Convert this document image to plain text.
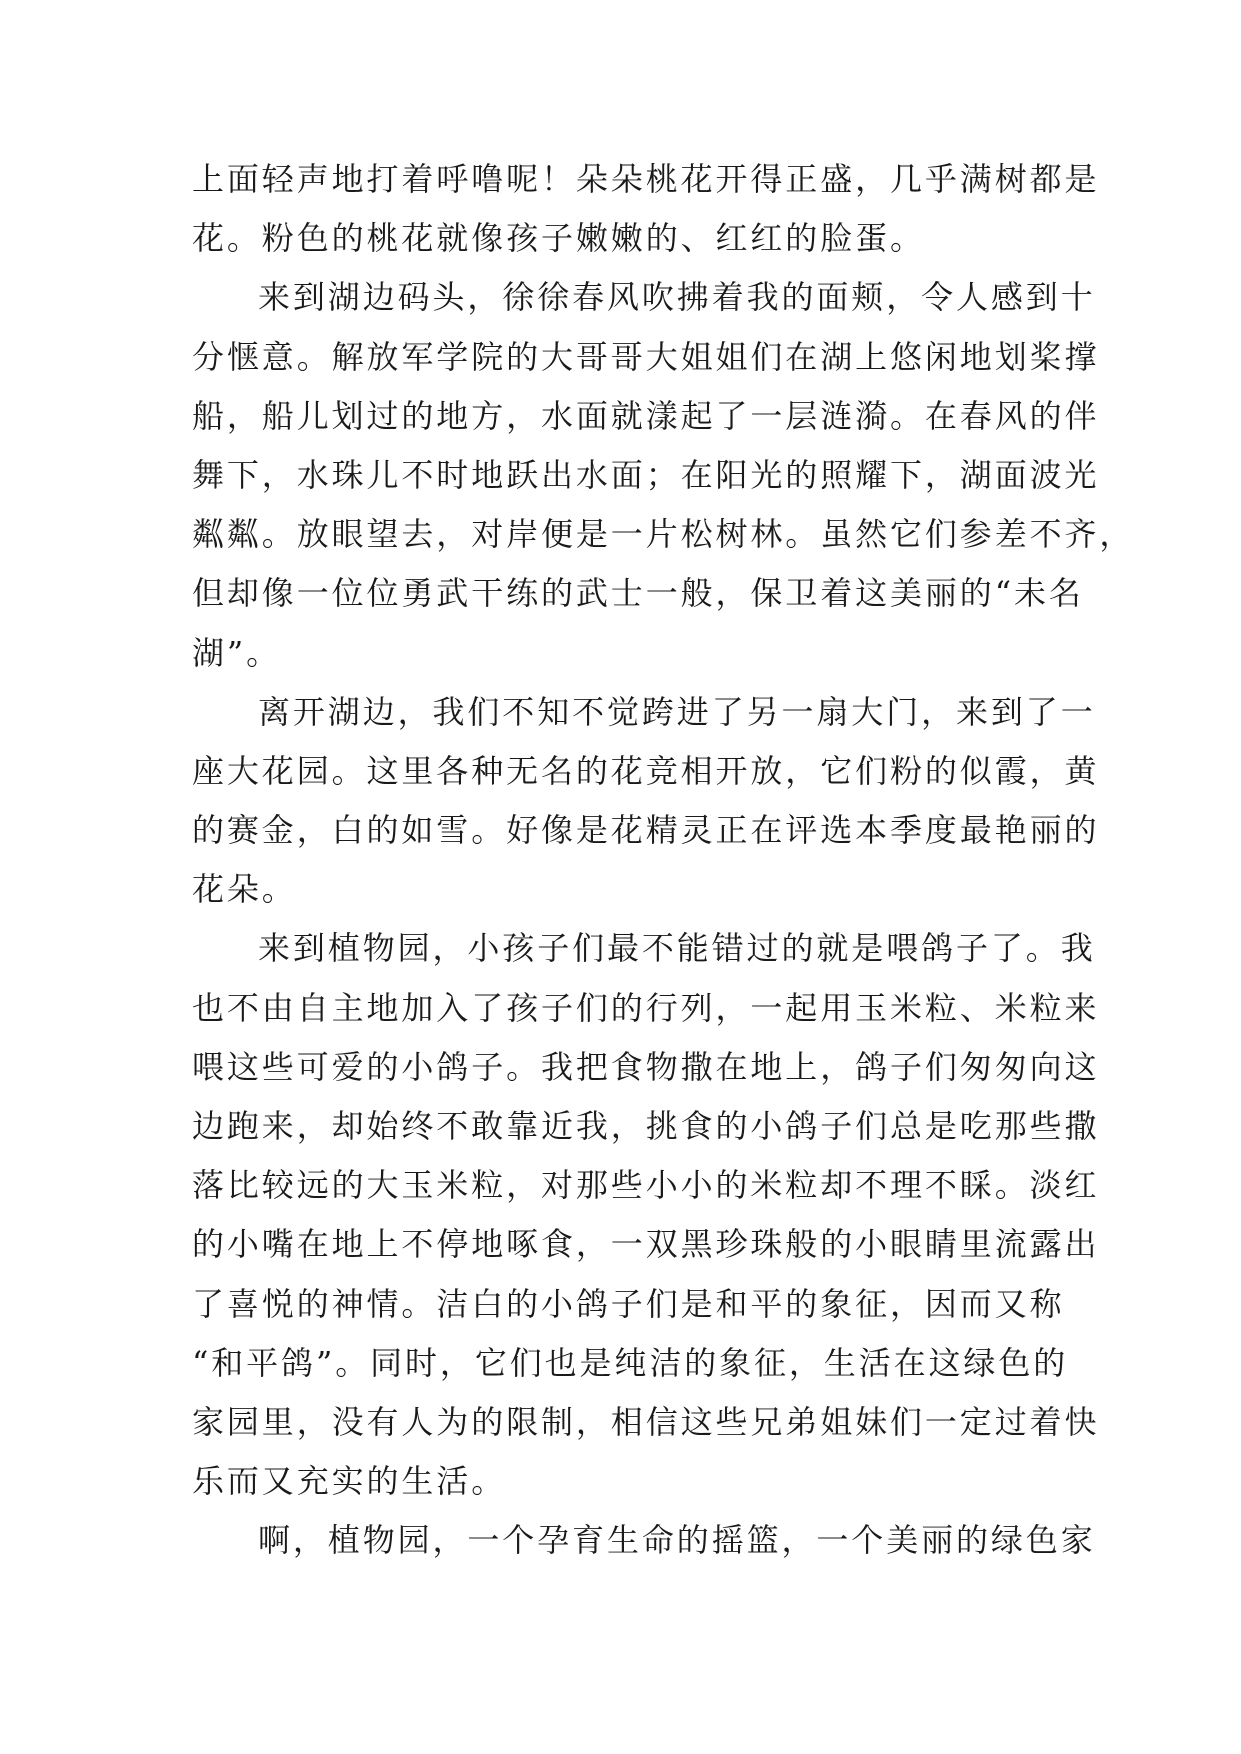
上面轻声地打着呼噜呢！朵朵桃花开得正盛，几乎满树都是
花。粉色的桃花就像孩子嫩嫩的、红红的脸蛋。
来到湖边码头，徐徐春风吹拂着我的面颊，令人感到十
分惬意。解放军学院的大哥哥大姐姐们在湖上悠闲地划桨撑
船，船儿划过的地方，水面就漾起了一层涟漪。在春风的伴
舞下，水珠儿不时地跃出水面；在阳光的照耀下，湖面波光
粼粼。放眼望去，对岸便是一片松树林。虽然它们参差不齐，
但却像一位位勇武干练的武士一般，保卫着这美丽的“未名
湖”。
离开湖边，我们不知不觉跨进了另一扇大门，来到了一
座大花园。这里各种无名的花竞相开放，它们粉的似霞，黄
的赛金，白的如雪。好像是花精灵正在评选本季度最艳丽的
花朵。
来到植物园，小孩子们最不能错过的就是喂鸽子了。我
也不由自主地加入了孩子们的行列，一起用玉米粒、米粒来
喂这些可爱的小鸽子。我把食物撒在地上，鸽子们匆匆向这
边跑来，却始终不敢靠近我，挑食的小鸽子们总是吃那些撒
落比较远的大玉米粒，对那些小小的米粒却不理不睬。淡红
的小嘴在地上不停地啄食，一双黑珍珠般的小眼睛里流露出
了喜悦的神情。洁白的小鸽子们是和平的象征，因而又称
“和平鸽”。同时，它们也是纯洁的象征，生活在这绿色的
家园里，没有人为的限制，相信这些兄弟姐妹们一定过着快
乐而又充实的生活。
啊，植物园，一个孕育生命的摇篮，一个美丽的绿色家
